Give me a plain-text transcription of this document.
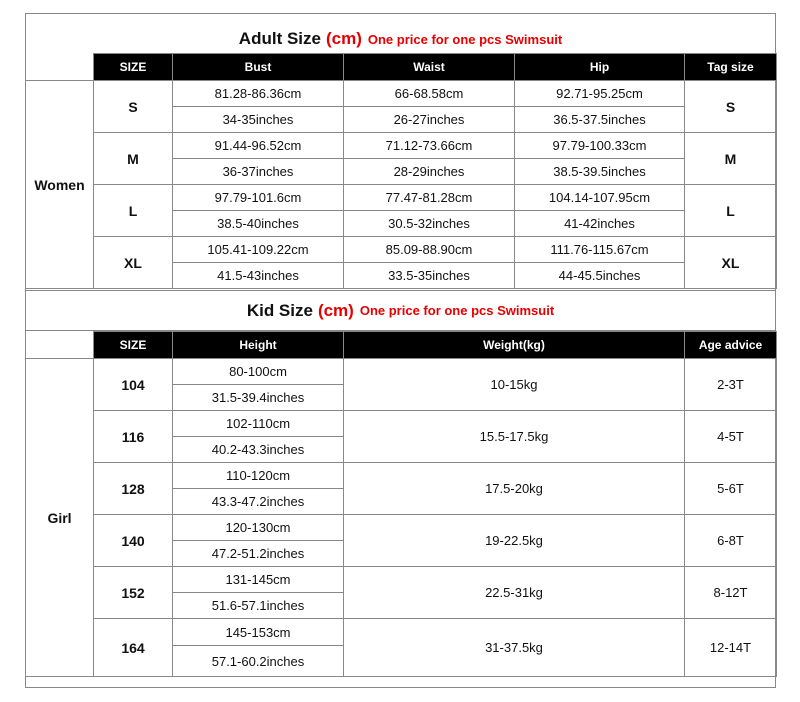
Adult Size (cm) One price for one pcs Swimsuit
	SIZE	Bust	Waist	Hip	Tag size
Women	S	81.28-86.36cm	66-68.58cm	92.71-95.25cm	S
		34-35inches	26-27inches	36.5-37.5inches	
	M	91.44-96.52cm	71.12-73.66cm	97.79-100.33cm	M
		36-37inches	28-29inches	38.5-39.5inches	
	L	97.79-101.6cm	77.47-81.28cm	104.14-107.95cm	L
		38.5-40inches	30.5-32inches	41-42inches	
	XL	105.41-109.22cm	85.09-88.90cm	111.76-115.67cm	XL
		41.5-43inches	33.5-35inches	44-45.5inches	
Kid Size (cm) One price for one pcs Swimsuit
	SIZE	Height	Weight(kg)	Age advice
Girl	104	80-100cm	10-15kg	2-3T
		31.5-39.4inches		
	116	102-110cm	15.5-17.5kg	4-5T
		40.2-43.3inches		
	128	110-120cm	17.5-20kg	5-6T
		43.3-47.2inches		
	140	120-130cm	19-22.5kg	6-8T
		47.2-51.2inches		
	152	131-145cm	22.5-31kg	8-12T
		51.6-57.1inches		
	164	145-153cm	31-37.5kg	12-14T
		57.1-60.2inches		
